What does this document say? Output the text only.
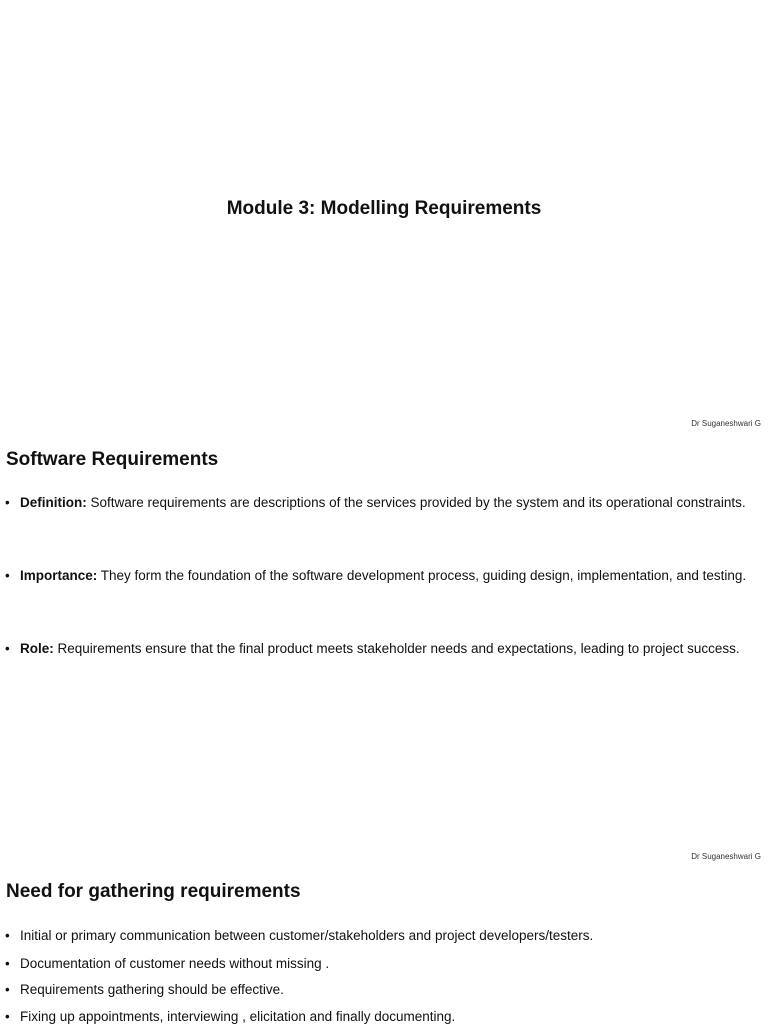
Module 3: Modelling Requirements
Dr Suganeshwari G
Software Requirements
• Definition: Software requirements are descriptions of the services provided by the system and its operational constraints.
• Importance: They form the foundation of the software development process, guiding design, implementation, and testing.
• Role: Requirements ensure that the final product meets stakeholder needs and expectations, leading to project success.
Dr Suganeshwari G
Need for gathering requirements
• Initial or primary communication between customer/stakeholders and project developers/testers.
• Documentation of customer needs without missing .
• Requirements gathering should be effective.
• Fixing up appointments, interviewing , elicitation and finally documenting.
